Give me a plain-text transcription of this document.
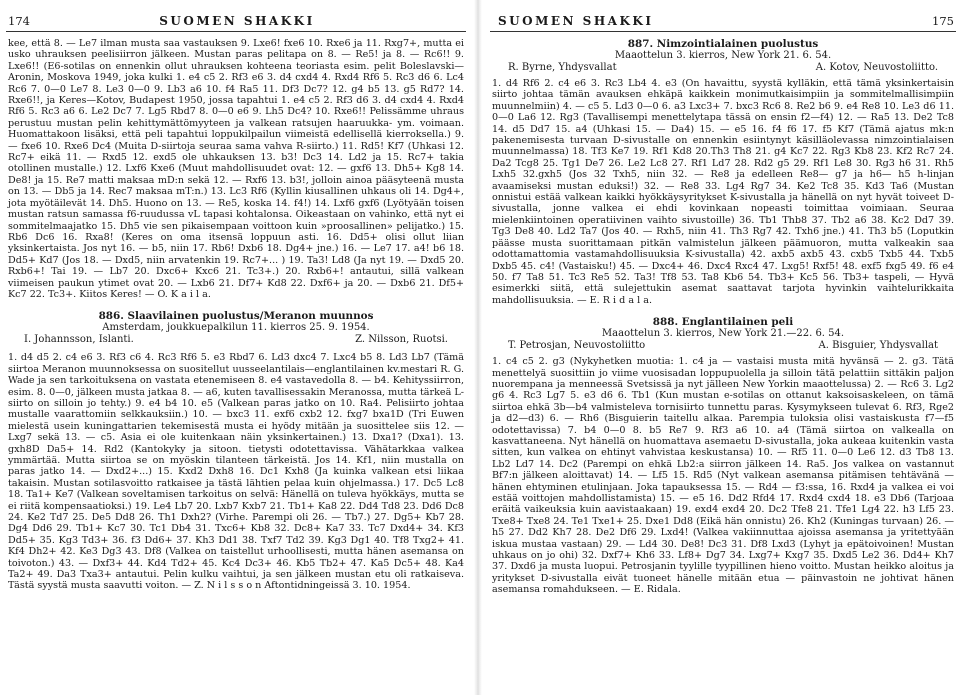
174	SUOMEN SHAKKI
kee, että 8. — Le7 ilman musta saa vastauksen 9. Lxe6! fxe6 10. Rxe6 ja 11. Rxg7+, mutta ei usko uhrauksen peelisiirron jälkeen. Mustan paras pelitapa on 8. — Re5! ja 8. — Rc6!! 9. Lxe6!! (E6-sotilas on ennenkin ollut uhrauksen kohteena teoriasta esim. pelit Boleslavski—Aronin, Moskova 1949, joka kulki 1. e4 c5 2. Rf3 e6 3. d4 cxd4 4. Rxd4 Rf6 5. Rc3 d6 6. Lc4 Rc6 7. 0—0 Le7 8. Le3 0—0 9. Lb3 a6 10. f4 Ra5 11. Df3 Dc7? 12. g4 b5 13. g5 Rd7? 14. Rxe6!!, ja Keres—Kotov, Budapest 1950, jossa tapahtui 1. e4 c5 2. Rf3 d6 3. d4 cxd4 4. Rxd4 Rf6 5. Rc3 a6 6. Le2 Dc7 7. Lg5 Rbd7 8. 0—0 e6 9. Lh5 Dc4? 10. Rxe6!! Pelissämme uhraus perustuu mustan pelin kehittymättömyyteen ja valkean ratsujen haaruukka- ym. voimaan. Huomattakoon lisäksi, että peli tapahtui loppukilpailun viimeistä edellisellä kierroksella.) 9. — fxe6 10. Rxe6 Dc4 (Muita D-siirtoja seuraa sama vahva R-siirto.) 11. Rd5! Kf7 (Uhkasi 12. Rc7+ eikä 11. — Rxd5 12. exd5 ole uhkauksen 13. b3! Dc3 14. Ld2 ja 15. Rc7+ takia otollinen mustalle.) 12. Lxf6 Kxe6 (Muut mahdollisuudet ovat: 12. — gxf6 13. Dh5+ Kg8 14. De8! ja 15. Re7 matti maksaa mD:n sekä 12. — Rxf6 13. b3!, jolloin ainoa pääsyteenä musta on 13. — Db5 ja 14. Rec7 maksaa mT:n.) 13. Lc3 Rf6 (Kyllin kiusallinen uhkaus oli 14. Dg4+, jota myötäilevät 14. Dh5. Huono on 13. — Re5, koska 14. f4!) 14. Lxf6 gxf6 (Lyötyään toisen mustan ratsun samassa f6-ruudussa vL tapasi kohtalonsa. Oikeastaan on vahinko, että nyt ei sommitelmaajatko 15. Dh5 vie sen pikaisempaan voittoon kuin »proosallinen» pelijatko.) 15. Rb6 Dc6 16. Rxa8! (Keres on oma itsensä loppuun asti. 16. Dd5+ olisi ollut liian yksinkertaista. Jos nyt 16. — b5, niin 17. Rb6! Dxb6 18. Dg4+ jne.) 16. — Le7 17. a4! b6 18. Dd5+ Kd7 (Jos 18. — Dxd5, niin arvatenkin 19. Rc7+... ) 19. Ta3! Ld8 (Ja nyt 19. — Dxd5 20. Rxb6+! Tai 19. — Lb7 20. Dxc6+ Kxc6 21. Tc3+.) 20. Rxb6+! antautui, sillä valkean viimeisen paukun ytimet ovat 20. — Lxb6 21. Df7+ Kd8 22. Dxf6+ ja 20. — Dxb6 21. Df5+ Kc7 22. Tc3+. Kiitos Keres! — O. K a i l a.
886. Slaavilainen puolustus/Meranon muunnos
Amsterdam, joukkuepalkilun 11. kierros 25. 9. 1954.
I. Johannsson, Islanti.	Z. Nilsson, Ruotsi.
1. d4 d5 2. c4 e6 3. Rf3 c6 4. Rc3 Rf6 5. e3 Rbd7 6. Ld3 dxc4 7. Lxc4 b5 8. Ld3 Lb7 (Tämä siirtoa Meranon muunnoksessa on suositellut uusseelantilais—englantilainen kv.mestari R. G. Wade ja sen tarkoituksena on vastata etenemiseen 8. e4 vastavedolla 8. — b4. Kehityssiirron, esim. 8. 0—0, jälkeen musta jatkaa 8. — a6, kuten tavallisessakin Meranossa, mutta tärkeä L-siirto on silloin jo tehty.) 9. e4 b4 10. e5 (Valkean paras jatko on 10. Ra4. Pelisiirto johtaa mustalle vaarattomiin selkkauksiin.) 10. — bxc3 11. exf6 cxb2 12. fxg7 bxa1D (Tri Euwen mielestä usein kuningattarien tekemisestä musta ei hyödy mitään ja suosittelee siis 12. — Lxg7 sekä 13. — c5. Asia ei ole kuitenkaan näin yksinkertainen.) 13. Dxa1? (Dxa1). 13. gxh8D Da5+ 14. Rd2 (Kantokyky ja sitoon. tietysti odotettavissa. Vähätarkkaa valkea ymmärtää. Mutta siirtoa se on myöskin tilanteen tärkeistä. Jos 14. Kf1, niin mustalla on paras jatko 14. — Dxd2+...) 15. Kxd2 Dxh8 16. Dc1 Kxh8 (Ja kuinka valkean etsi liikaa takaisin. Mustan sotilasvoitto ratkaisee ja tästä lähtien pelaa kuin ohjelmassa.) 17. Dc5 Lc8 18. Ta1+ Ke7 (Valkean soveltamisen tarkoitus on selvä: Hänellä on tuleva hyökkäys, mutta se ei riitä kompensaatioksi.) 19. Le4 Lb7 20. Lxb7 Kxb7 21. Tb1+ Ka8 22. Dd4 Td8 23. Dd6 Dc8 24. Ke2 Td7 25. De5 Dd8 26. Th1 Dxh2? (Virhe. Parempi oli 26. — Tb7.) 27. Dg5+ Kb7 28. Dg4 Dd6 29. Tb1+ Kc7 30. Tc1 Db4 31. Txc6+ Kb8 32. Dc8+ Ka7 33. Tc7 Dxd4+ 34. Kf3 Dd5+ 35. Kg3 Td3+ 36. f3 Dd6+ 37. Kh3 Dd1 38. Txf7 Td2 39. Kg3 Dg1 40. Tf8 Txg2+ 41. Kf4 Dh2+ 42. Ke3 Dg3 43. Df8 (Valkea on taistellut urhoollisesti, mutta hänen asemansa on toivoton.) 43. — Dxf3+ 44. Kd4 Td2+ 45. Kc4 Dc3+ 46. Kb5 Tb2+ 47. Ka5 Dc5+ 48. Ka4 Ta2+ 49. Da3 Txa3+ antautui. Pelin kulku vaihtui, ja sen jälkeen mustan etu oli ratkaiseva. Tästä syystä musta saavutti voiton. — Z. N i l s s o n Aftontidningeissä 3. 10. 1954.
SUOMEN SHAKKI	175
887. Nimzointialainen puolustus
Maaottelun 3. kierros, New York 21. 6. 54.
R. Byrne, Yhdysvallat	A. Kotov, Neuvostoliitto.
1. d4 Rf6 2. c4 e6 3. Rc3 Lb4 4. e3 (On havaittu, syystä kylläkin, että tämä yksinkertaisin siirto johtaa tämän avauksen ehkäpä kaikkein monimutkaisimpiin ja sommitelmallisimpiin muunnelmiin) 4. — c5 5. Ld3 0—0 6. a3 Lxc3+ 7. bxc3 Rc6 8. Re2 b6 9. e4 Re8 10. Le3 d6 11. 0—0 La6 12. Rg3 (Tavallisempi menettelytapa tässä on ensin f2—f4) 12. — Ra5 13. De2 Tc8 14. d5 Dd7 15. a4 (Uhkasi 15. — Da4) 15. — e5 16. f4 f6 17. f5 Kf7 (Tämä ajatus mk:n pakenemisesta turvaan D-sivustalle on ennenkin esiintynyt käsilläolevassa nimzointialaisen muunnelmassa) 18. Tf3 Ke7 19. Rf1 Kd8 20.Th3 Th8 21. g4 Kc7 22. Rg3 Kb8 23. Kf2 Rc7 24. Da2 Tcg8 25. Tg1 De7 26. Le2 Lc8 27. Rf1 Ld7 28. Rd2 g5 29. Rf1 Le8 30. Rg3 h6 31. Rh5 Lxh5 32.gxh5 (Jos 32 Txh5, niin 32. — Re8 ja edelleen Re8— g7 ja h6— h5 h-linjan avaamiseksi mustan eduksi!) 32. — Re8 33. Lg4 Rg7 34. Ke2 Tc8 35. Kd3 Ta6 (Mustan onnistui estää valkean kaikki hyökkäysyritykset K-sivustalla ja hänellä on nyt hyvät toiveet D-sivustalla, jonne valkea ei ehdi kovinkaan nopeasti toimittaa voimiaan. Seuraa mielenkiintoinen operatiivinen vaihto sivustoille) 36. Tb1 Thb8 37. Tb2 a6 38. Kc2 Dd7 39. Tg3 De8 40. Ld2 Ta7 (Jos 40. — Rxh5, niin 41. Th3 Rg7 42. Txh6 jne.) 41. Th3 b5 (Loputkin päässe musta suorittamaan pitkän valmistelun jälkeen päämuoron, mutta valkeakin saa odottamattomia vastamahdollisuuksia K-sivustalla) 42. axb5 axb5 43. cxb5 Txb5 44. Txb5 Dxb5 45. c4! (Vastaisku!) 45. — Dxc4+ 46. Dxc4 Rxc4 47. Lxg5! Rxf5! 48. exf5 fxg5 49. f6 e4 50. f7 Ta8 51. Tc3 Re5 52. Ta3! Tf8 53. Ta8 Kb6 54. Tb3+ Kc5 56. Tb3+ taspeli, — Hyvä esimerkki siitä, että sulejettukin asemat saattavat tarjota hyvinkin vaihtelurikkaita mahdollisuuksia. — E. R i d a l a.
888. Englantilainen peli
Maaottelun 3. kierros, New York 21.—22. 6. 54.
T. Petrosjan, Neuvostoliitto	A. Bisguier, Yhdysvallat
1. c4 c5 2. g3 (Nykyhetken muotia: 1. c4 ja — vastaisi musta mitä hyvänsä — 2. g3. Tätä menettelyä suosittiin jo viime vuosisadan loppupuolella ja silloin tätä pelattiin sittäkin paljon nuorempana ja menneessä Svetsissä ja nyt jälleen New Yorkin maaottelussa) 2. — Rc6 3. Lg2 g6 4. Rc3 Lg7 5. e3 d6 6. Tb1 (Kun mustan e-sotilas on ottanut kaksoisaskeleen, on tämä siirtoa ehkä 3b—b4 valmisteleva tornisiirto tunnettu paras. Kysymykseen tulevat 6. Rf3, Rge2 ja d2—d3) 6. — Rh6 (Bisguierin taitellu alkaa. Parempia tuloksia olisi vastaiskusta f7—f5 odotettavissa) 7. b4 0—0 8. b5 Re7 9. Rf3 a6 10. a4 (Tämä siirtoa on valkealla on kasvattaneena. Nyt hänellä on huomattava asemaetu D-sivustalla, joka aukeaa kuitenkin vasta sitten, kun valkea on ehtinyt vahvistaa keskustansa) 10. — Rf5 11. 0—0 Le6 12. d3 Tb8 13. Lb2 Ld7 14. Dc2 (Parempi on ehkä Lb2:a siirron jälkeen 14. Ra5. Jos valkea on vastannut Bf7:n jälkeen aloittavat) 14. — Lf5 15. Rd5 (Nyt valkean asemansa pitämisen tehtävänä — hänen ehtyminen etulinjaan. Joka tapauksessa 15. — Rd4 — f3:ssa, 16. Rxd4 ja valkea ei voi estää voittojen mahdollistamista) 15. — e5 16. Dd2 Rfd4 17. Rxd4 cxd4 18. e3 Db6 (Tarjoaa eräitä vaikeuksia kuin aavistaakaan) 19. exd4 exd4 20. Dc2 Tfe8 21. Tfe1 Lg4 22. h3 Lf5 23. Txe8+ Txe8 24. Te1 Txe1+ 25. Dxe1 Dd8 (Eikä hän onnistu) 26. Kh2 (Kuningas turvaan) 26. — h5 27. Dd2 Kh7 28. De2 Df6 29. Lxd4! (Valkea vakiinnuttaa ajoissa asemansa ja yritettyään iskua mustaa vastaan) 29. — Ld4 30. De8! Dc3 31. Df8 Lxd3 (Lyhyt ja epätoivoinen! Mustan uhkaus on jo ohi) 32. Dxf7+ Kh6 33. Lf8+ Dg7 34. Lxg7+ Kxg7 35. Dxd5 Le2 36. Dd4+ Kh7 37. Dxd6 ja musta luopui. Petrosjanin tyylille tyypillinen hieno voitto. Mustan heikko aloitus ja yritykset D-sivustalla eivät tuoneet hänelle mitään etua — päinvastoin ne johtivat hänen asemansa romahdukseen. — E. Ridala.
